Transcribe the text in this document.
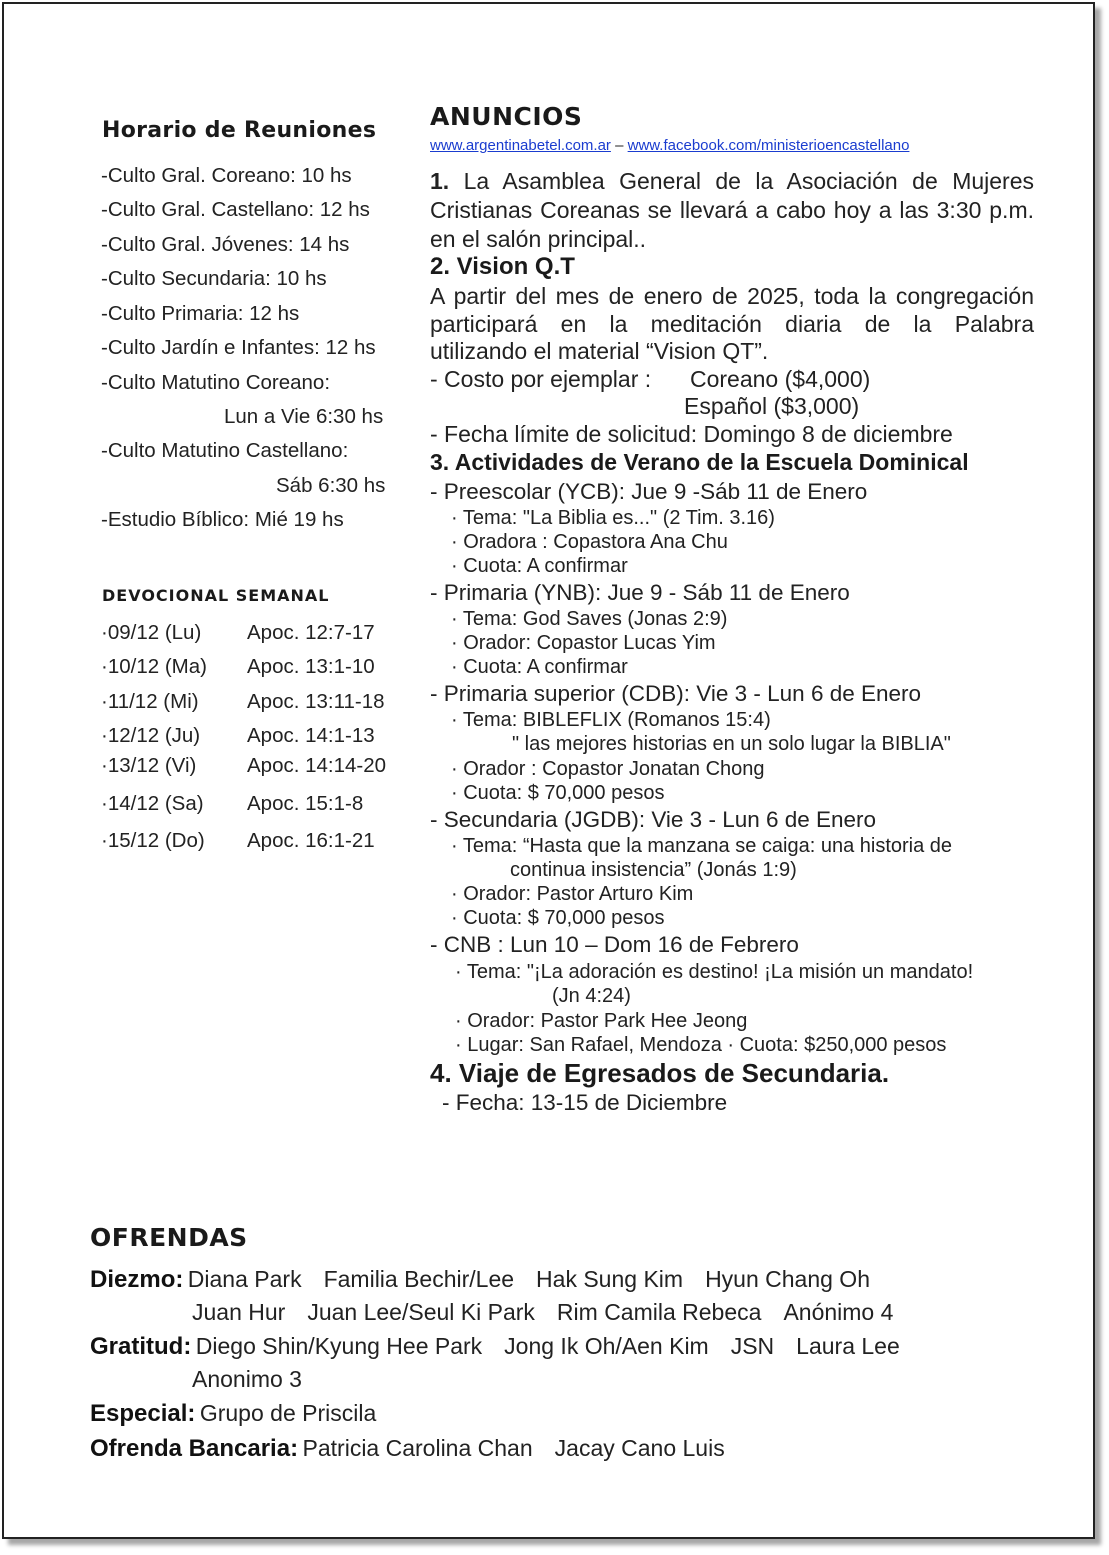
Horario de Reuniones
-Culto Gral. Coreano: 10 hs
-Culto Gral. Castellano: 12 hs
-Culto Gral. Jóvenes: 14 hs
-Culto Secundaria: 10 hs
-Culto Primaria: 12 hs
-Culto Jardín e Infantes: 12 hs
-Culto Matutino Coreano:
Lun a Vie 6:30 hs
-Culto Matutino Castellano:
Sáb 6:30 hs
-Estudio Bíblico: Mié 19 hs
DEVOCIONAL SEMANAL
·09/12 (Lu) Apoc. 12:7-17
·10/12 (Ma) Apoc. 13:1-10
·11/12 (Mi) Apoc. 13:11-18
·12/12 (Ju) Apoc. 14:1-13
·13/12 (Vi) Apoc. 14:14-20
·14/12 (Sa) Apoc. 15:1-8
·15/12 (Do) Apoc. 16:1-21
ANUNCIOS
www.argentinabetel.com.ar – www.facebook.com/ministerioencastellano
1. La Asamblea General de la Asociación de Mujeres
Cristianas Coreanas se llevará a cabo hoy a las 3:30 p.m.
en el salón principal..
2. Vision Q.T
A partir del mes de enero de 2025, toda la congregación
participará en la meditación diaria de la Palabra
utilizando el material “Vision QT”.
- Costo por ejemplar : Coreano ($4,000)
Español ($3,000)
- Fecha límite de solicitud: Domingo 8 de diciembre
3. Actividades de Verano de la Escuela Dominical
- Preescolar (YCB): Jue 9 -Sáb 11 de Enero
· Tema: "La Biblia es..." (2 Tim. 3.16)
· Oradora : Copastora Ana Chu
· Cuota: A confirmar
- Primaria (YNB): Jue 9 - Sáb 11 de Enero
· Tema: God Saves (Jonas 2:9)
· Orador: Copastor Lucas Yim
· Cuota: A confirmar
- Primaria superior (CDB): Vie 3 - Lun 6 de Enero
· Tema: BIBLEFLIX (Romanos 15:4)
" las mejores historias en un solo lugar la BIBLIA"
· Orador : Copastor Jonatan Chong
· Cuota: $ 70,000 pesos
- Secundaria (JGDB): Vie 3 - Lun 6 de Enero
· Tema: “Hasta que la manzana se caiga: una historia de
continua insistencia” (Jonás 1:9)
· Orador: Pastor Arturo Kim
· Cuota: $ 70,000 pesos
- CNB : Lun 10 – Dom 16 de Febrero
· Tema: "¡La adoración es destino! ¡La misión un mandato!
(Jn 4:24)
· Orador: Pastor Park Hee Jeong
· Lugar: San Rafael, Mendoza · Cuota: $250,000 pesos
4. Viaje de Egresados de Secundaria.
- Fecha: 13-15 de Diciembre
OFRENDAS
Diezmo: Diana Park Familia Bechir/Lee Hak Sung Kim Hyun Chang Oh
Juan Hur Juan Lee/Seul Ki Park Rim Camila Rebeca Anónimo 4
Gratitud: Diego Shin/Kyung Hee Park Jong Ik Oh/Aen Kim JSN Laura Lee
Anonimo 3
Especial: Grupo de Priscila
Ofrenda Bancaria: Patricia Carolina Chan Jacay Cano Luis
